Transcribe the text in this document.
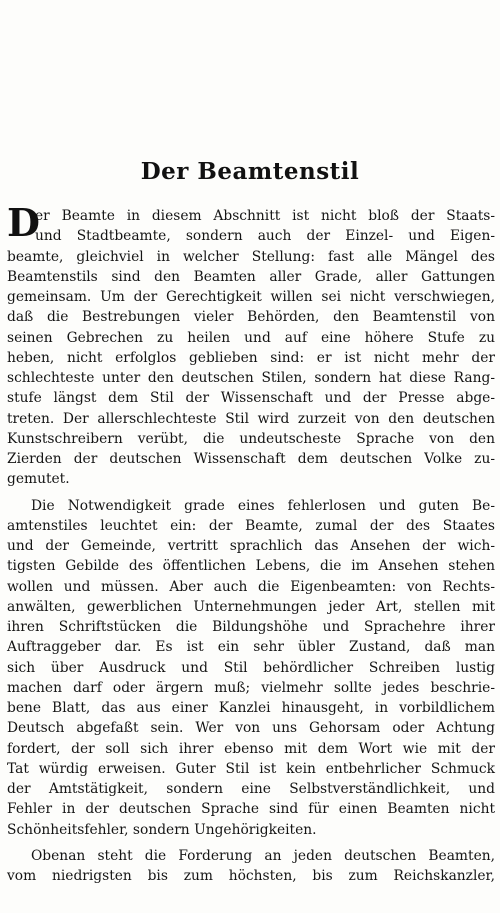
Der Beamtenstil
D
er Beamte in diesem Abschnitt ist nicht bloß der Staats-
und Stadtbeamte, sondern auch der Einzel- und Eigen-
beamte, gleichviel in welcher Stellung: fast alle Mängel des
Beamtenstils sind den Beamten aller Grade, aller Gattungen
gemeinsam. Um der Gerechtigkeit willen sei nicht verschwiegen,
daß die Bestrebungen vieler Behörden, den Beamtenstil von
seinen Gebrechen zu heilen und auf eine höhere Stufe zu
heben, nicht erfolglos geblieben sind: er ist nicht mehr der
schlechteste unter den deutschen Stilen, sondern hat diese Rang-
stufe längst dem Stil der Wissenschaft und der Presse abge-
treten. Der allerschlechteste Stil wird zurzeit von den deutschen
Kunstschreibern verübt, die undeutscheste Sprache von den
Zierden der deutschen Wissenschaft dem deutschen Volke zu-
gemutet.
Die Notwendigkeit grade eines fehlerlosen und guten Be-
amtenstiles leuchtet ein: der Beamte, zumal der des Staates
und der Gemeinde, vertritt sprachlich das Ansehen der wich-
tigsten Gebilde des öffentlichen Lebens, die im Ansehen stehen
wollen und müssen. Aber auch die Eigenbeamten: von Rechts-
anwälten, gewerblichen Unternehmungen jeder Art, stellen mit
ihren Schriftstücken die Bildungshöhe und Sprachehre ihrer
Auftraggeber dar. Es ist ein sehr übler Zustand, daß man
sich über Ausdruck und Stil behördlicher Schreiben lustig
machen darf oder ärgern muß; vielmehr sollte jedes beschrie-
bene Blatt, das aus einer Kanzlei hinausgeht, in vorbildlichem
Deutsch abgefaßt sein. Wer von uns Gehorsam oder Achtung
fordert, der soll sich ihrer ebenso mit dem Wort wie mit der
Tat würdig erweisen. Guter Stil ist kein entbehrlicher Schmuck
der Amtstätigkeit, sondern eine Selbstverständlichkeit, und
Fehler in der deutschen Sprache sind für einen Beamten nicht
Schönheitsfehler, sondern Ungehörigkeiten.
Obenan steht die Forderung an jeden deutschen Beamten,
vom niedrigsten bis zum höchsten, bis zum Reichskanzler,
